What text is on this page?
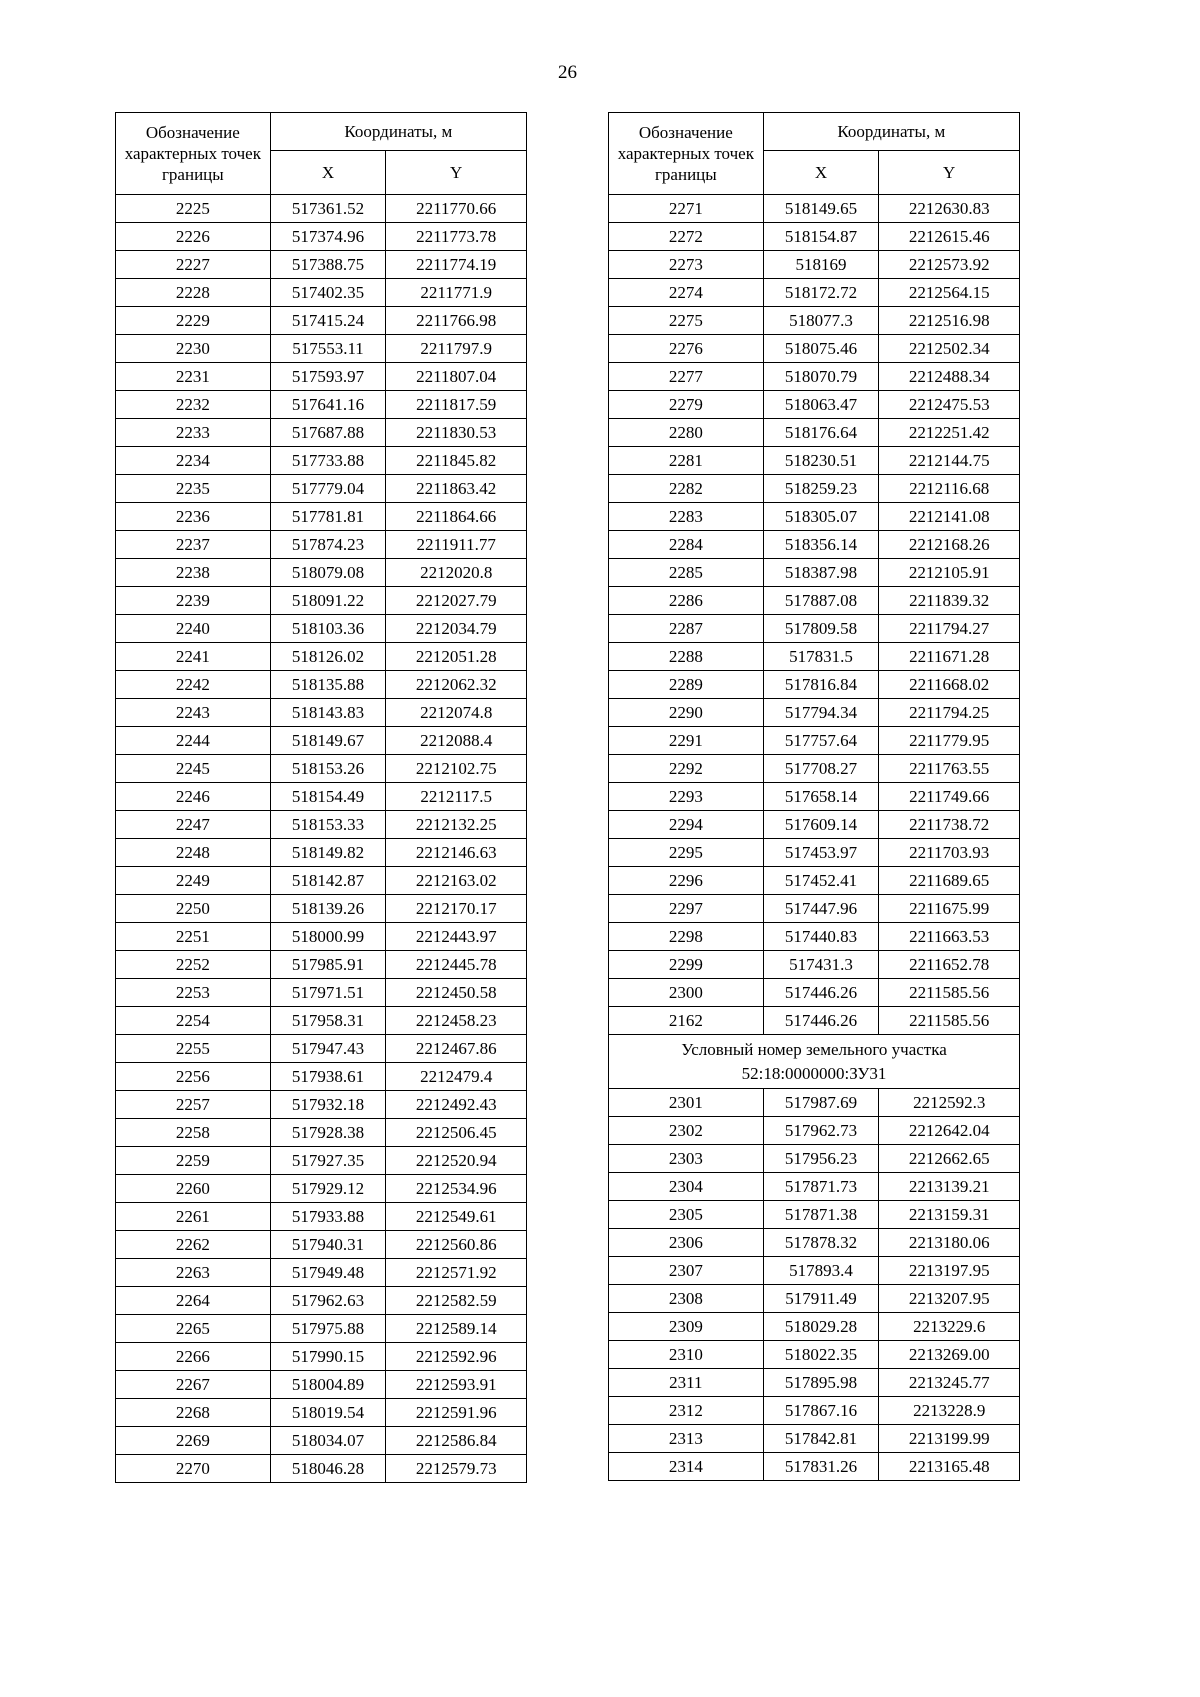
26
Обозначение характерных точек границы	Координаты, м	
	X	Y
2225	517361.52	2211770.66
2226	517374.96	2211773.78
2227	517388.75	2211774.19
2228	517402.35	2211771.9
2229	517415.24	2211766.98
2230	517553.11	2211797.9
2231	517593.97	2211807.04
2232	517641.16	2211817.59
2233	517687.88	2211830.53
2234	517733.88	2211845.82
2235	517779.04	2211863.42
2236	517781.81	2211864.66
2237	517874.23	2211911.77
2238	518079.08	2212020.8
2239	518091.22	2212027.79
2240	518103.36	2212034.79
2241	518126.02	2212051.28
2242	518135.88	2212062.32
2243	518143.83	2212074.8
2244	518149.67	2212088.4
2245	518153.26	2212102.75
2246	518154.49	2212117.5
2247	518153.33	2212132.25
2248	518149.82	2212146.63
2249	518142.87	2212163.02
2250	518139.26	2212170.17
2251	518000.99	2212443.97
2252	517985.91	2212445.78
2253	517971.51	2212450.58
2254	517958.31	2212458.23
2255	517947.43	2212467.86
2256	517938.61	2212479.4
2257	517932.18	2212492.43
2258	517928.38	2212506.45
2259	517927.35	2212520.94
2260	517929.12	2212534.96
2261	517933.88	2212549.61
2262	517940.31	2212560.86
2263	517949.48	2212571.92
2264	517962.63	2212582.59
2265	517975.88	2212589.14
2266	517990.15	2212592.96
2267	518004.89	2212593.91
2268	518019.54	2212591.96
2269	518034.07	2212586.84
2270	518046.28	2212579.73
Обозначение характерных точек границы	Координаты, м	
	X	Y
2271	518149.65	2212630.83
2272	518154.87	2212615.46
2273	518169	2212573.92
2274	518172.72	2212564.15
2275	518077.3	2212516.98
2276	518075.46	2212502.34
2277	518070.79	2212488.34
2279	518063.47	2212475.53
2280	518176.64	2212251.42
2281	518230.51	2212144.75
2282	518259.23	2212116.68
2283	518305.07	2212141.08
2284	518356.14	2212168.26
2285	518387.98	2212105.91
2286	517887.08	2211839.32
2287	517809.58	2211794.27
2288	517831.5	2211671.28
2289	517816.84	2211668.02
2290	517794.34	2211794.25
2291	517757.64	2211779.95
2292	517708.27	2211763.55
2293	517658.14	2211749.66
2294	517609.14	2211738.72
2295	517453.97	2211703.93
2296	517452.41	2211689.65
2297	517447.96	2211675.99
2298	517440.83	2211663.53
2299	517431.3	2211652.78
2300	517446.26	2211585.56
2162	517446.26	2211585.56

Условный номер земельного участка
52:18:0000000:ЗУ31		

2301	517987.69	2212592.3
2302	517962.73	2212642.04
2303	517956.23	2212662.65
2304	517871.73	2213139.21
2305	517871.38	2213159.31
2306	517878.32	2213180.06
2307	517893.4	2213197.95
2308	517911.49	2213207.95
2309	518029.28	2213229.6
2310	518022.35	2213269.00
2311	517895.98	2213245.77
2312	517867.16	2213228.9
2313	517842.81	2213199.99
2314	517831.26	2213165.48
